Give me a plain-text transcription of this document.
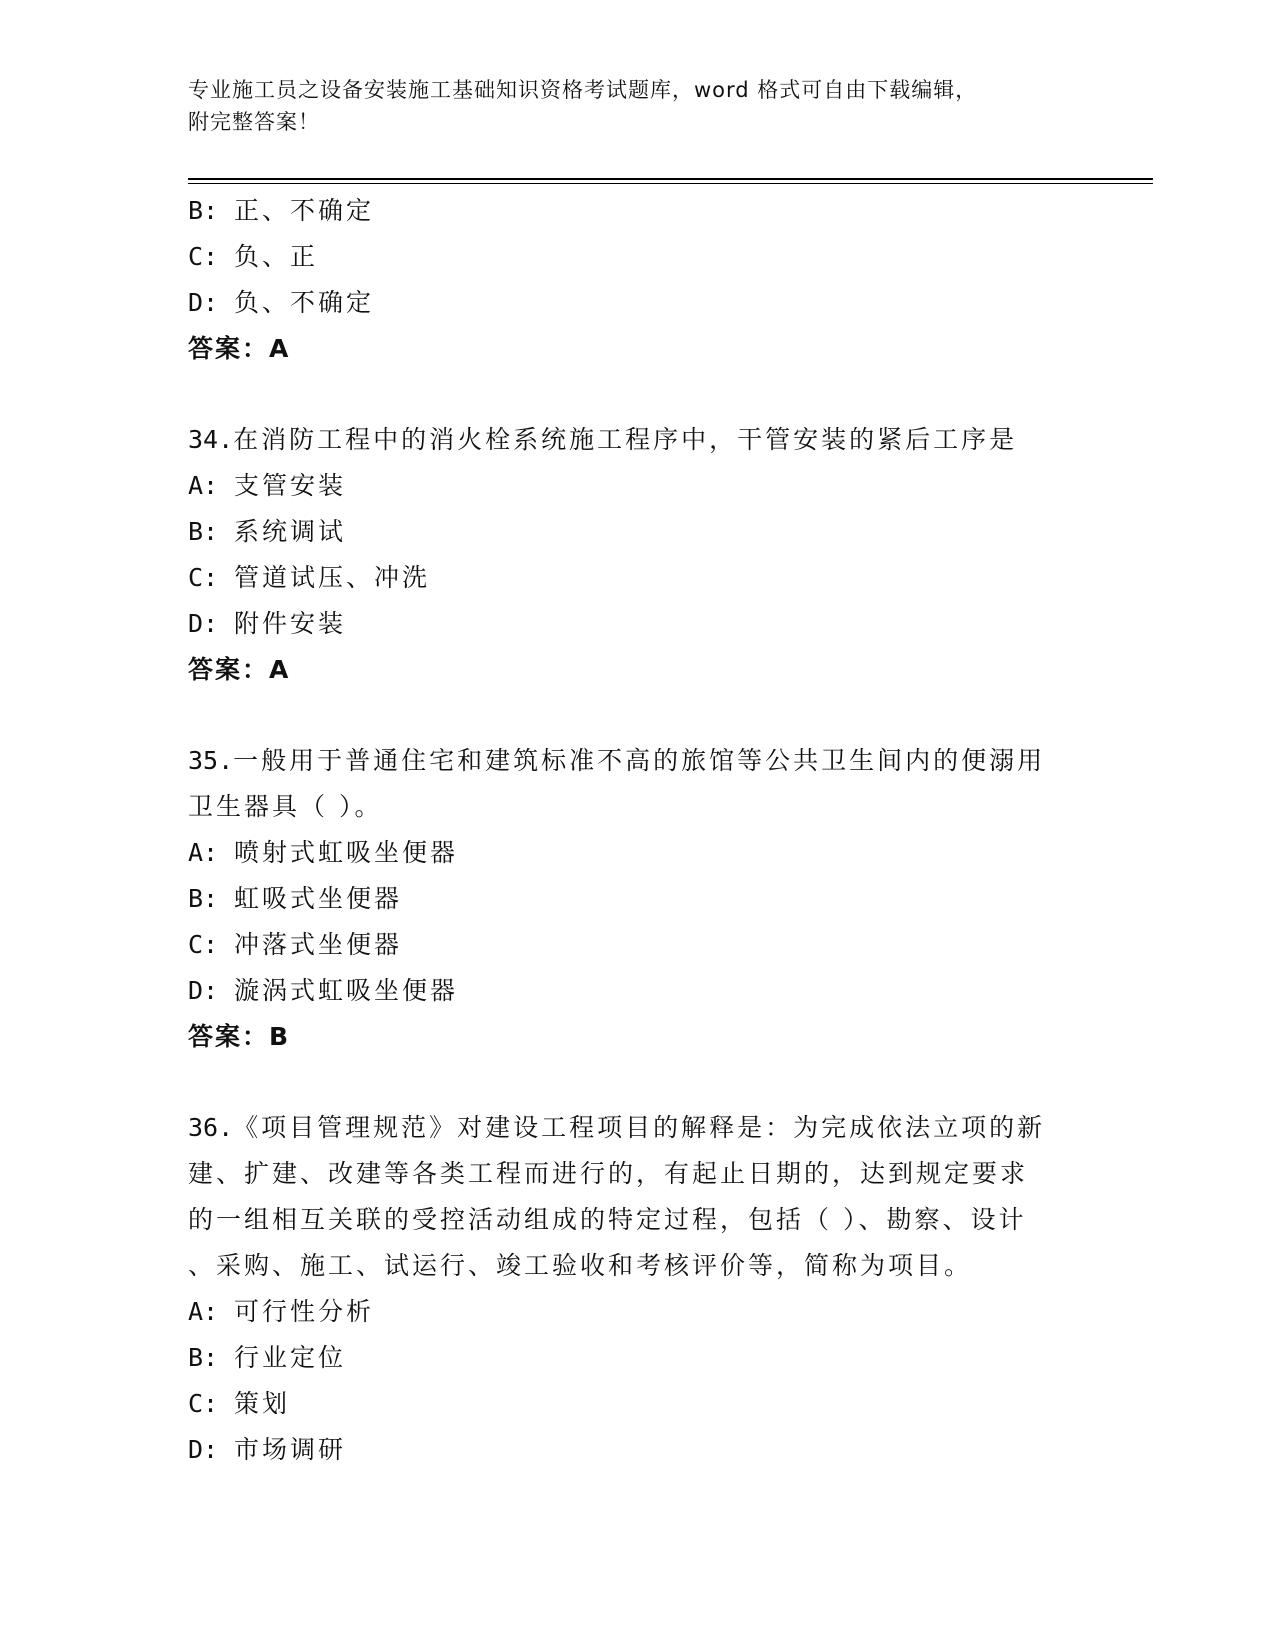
专业施工员之设备安装施工基础知识资格考试题库，word 格式可自由下载编辑，
附完整答案！
B: 正、不确定
C: 负、正
D: 负、不确定
答案：A
34.在消防工程中的消火栓系统施工程序中，干管安装的紧后工序是
A: 支管安装
B: 系统调试
C: 管道试压、冲洗
D: 附件安装
答案：A
35.一般用于普通住宅和建筑标准不高的旅馆等公共卫生间内的便溺用
卫生器具（ ）。
A: 喷射式虹吸坐便器
B: 虹吸式坐便器
C: 冲落式坐便器
D: 漩涡式虹吸坐便器
答案：B
36.《项目管理规范》对建设工程项目的解释是：为完成依法立项的新
建、扩建、改建等各类工程而进行的，有起止日期的，达到规定要求
的一组相互关联的受控活动组成的特定过程，包括（ ）、勘察、设计
、采购、施工、试运行、竣工验收和考核评价等，简称为项目。
A: 可行性分析
B: 行业定位
C: 策划
D: 市场调研
